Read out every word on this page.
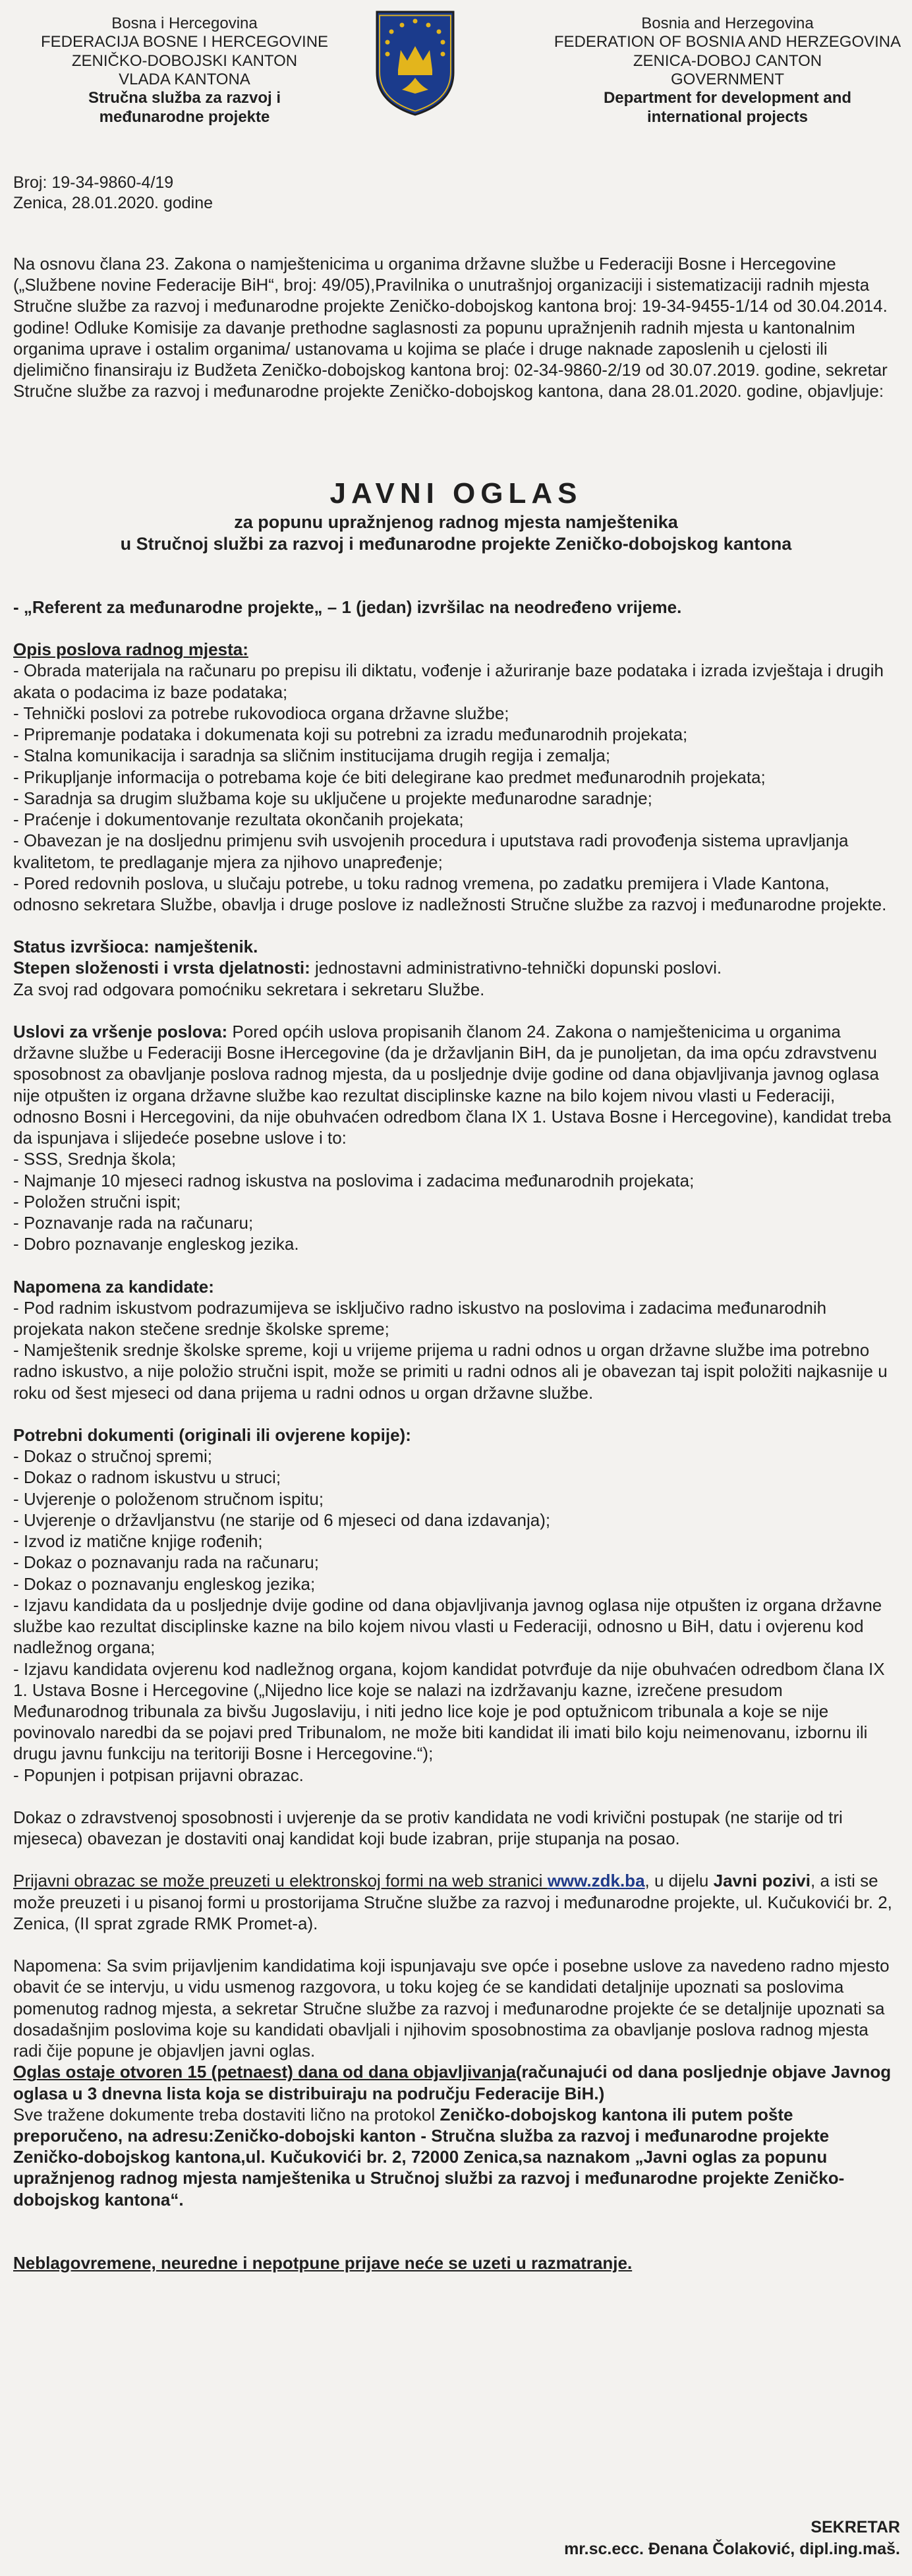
Bosna i Hercegovina
FEDERACIJA BOSNE I HERCEGOVINE
ZENIČKO-DOBOJSKI KANTON
VLADA KANTONA
Stručna služba za razvoj i
međunarodne projekte
Bosnia and Herzegovina
FEDERATION OF BOSNIA AND HERZEGOVINA
ZENICA-DOBOJ CANTON
GOVERNMENT
Department for development and
international projects
Broj: 19-34-9860-4/19
Zenica, 28.01.2020. godine

Na osnovu člana 23. Zakona o namještenicima u organima državne službe u Federaciji Bosne i Hercegovine („Službene novine Federacije BiH“, broj: 49/05),Pravilnika o unutrašnjoj organizaciji i sistematizaciji radnih mjesta Stručne službe za razvoj i međunarodne projekte Zeničko-dobojskog kantona broj: 19-34-9455-1/14 od 30.04.2014. godine! Odluke Komisije za davanje prethodne saglasnosti za popunu upražnjenih radnih mjesta u kantonalnim organima uprave i ostalim organima/ ustanovama u kojima se plaće i druge naknade zaposlenih u cjelosti ili djelimično finansiraju iz Budžeta Zeničko-dobojskog kantona broj: 02-34-9860-2/19 od 30.07.2019. godine, sekretar Stručne službe za razvoj i međunarodne projekte Zeničko-dobojskog kantona, dana 28.01.2020. godine, objavljuje:

JAVNI OGLAS
za popunu upražnjenog radnog mjesta namještenika
u Stručnoj službi za razvoj i međunarodne projekte Zeničko-dobojskog kantona

- „Referent za međunarodne projekte„ – 1 (jedan) izvršilac na neodređeno vrijeme.

Opis poslova radnog mjesta:
- Obrada materijala na računaru po prepisu ili diktatu, vođenje i ažuriranje baze podataka i izrada izvještaja i drugih akata o podacima iz baze podataka;
- Tehnički poslovi za potrebe rukovodioca organa državne službe;
- Pripremanje podataka i dokumenata koji su potrebni za izradu međunarodnih projekata;
- Stalna komunikacija i saradnja sa sličnim institucijama drugih regija i zemalja;
- Prikupljanje informacija o potrebama koje će biti delegirane kao predmet međunarodnih projekata;
- Saradnja sa drugim službama koje su uključene u projekte međunarodne saradnje;
- Praćenje i dokumentovanje rezultata okončanih projekata;
- Obavezan je na dosljednu primjenu svih usvojenih procedura i uputstava radi provođenja sistema upravljanja kvalitetom, te predlaganje mjera za njihovo unapređenje;
- Pored redovnih poslova, u slučaju potrebe, u toku radnog vremena, po zadatku premijera i Vlade Kantona, odnosno sekretara Službe, obavlja i druge poslove iz nadležnosti Stručne službe za razvoj i međunarodne projekte.
Status izvršioca: namještenik.
Stepen složenosti i vrsta djelatnosti: jednostavni administrativno-tehnički dopunski poslovi.
Za svoj rad odgovara pomoćniku sekretara i sekretaru Službe.

Uslovi za vršenje poslova: Pored općih uslova propisanih članom 24. Zakona o namještenicima u organima državne službe u Federaciji Bosne iHercegovine (da je državljanin BiH, da je punoljetan, da ima opću zdravstvenu sposobnost za obavljanje poslova radnog mjesta, da u posljednje dvije godine od dana objavljivanja javnog oglasa nije otpušten iz organa državne službe kao rezultat disciplinske kazne na bilo kojem nivou vlasti u Federaciji, odnosno Bosni i Hercegovini, da nije obuhvaćen odredbom člana IX 1. Ustava Bosne i Hercegovine), kandidat treba da ispunjava i slijedeće posebne uslove i to:

- SSS, Srednja škola;
- Najmanje 10 mjeseci radnog iskustva na poslovima i zadacima međunarodnih projekata;
- Položen stručni ispit;
- Poznavanje rada na računaru;
- Dobro poznavanje engleskog jezika.
Napomena za kandidate:
- Pod radnim iskustvom podrazumijeva se isključivo radno iskustvo na poslovima i zadacima međunarodnih projekata nakon stečene srednje školske spreme;
- Namještenik srednje školske spreme, koji u vrijeme prijema u radni odnos u organ državne službe ima potrebno radno iskustvo, a nije položio stručni ispit, može se primiti u radni odnos ali je obavezan taj ispit položiti najkasnije u roku od šest mjeseci od dana prijema u radni odnos u organ državne službe.
Potrebni dokumenti (originali ili ovjerene kopije):
- Dokaz o stručnoj spremi;
- Dokaz o radnom iskustvu u struci;
- Uvjerenje o položenom stručnom ispitu;
- Uvjerenje o državljanstvu (ne starije od 6 mjeseci od dana izdavanja);
- Izvod iz matične knjige rođenih;
- Dokaz o poznavanju rada na računaru;
- Dokaz o poznavanju engleskog jezika;
- Izjavu kandidata da u posljednje dvije godine od dana objavljivanja javnog oglasa nije otpušten iz organa državne službe kao rezultat disciplinske kazne na bilo kojem nivou vlasti u Federaciji, odnosno u BiH, datu i ovjerenu kod nadležnog organa;
- Izjavu kandidata ovjerenu kod nadležnog organa, kojom kandidat potvrđuje da nije obuhvaćen odredbom člana IX 1. Ustava Bosne i Hercegovine („Nijedno lice koje se nalazi na izdržavanju kazne, izrečene presudom Međunarodnog tribunala za bivšu Jugoslaviju, i niti jedno lice koje je pod optužnicom tribunala a koje se nije povinovalo naredbi da se pojavi pred Tribunalom, ne može biti kandidat ili imati bilo koju neimenovanu, izbornu ili drugu javnu funkciju na teritoriji Bosne i Hercegovine.“);
- Popunjen i potpisan prijavni obrazac.

Dokaz o zdravstvenoj sposobnosti i uvjerenje da se protiv kandidata ne vodi krivični postupak (ne starije od tri mjeseca) obavezan je dostaviti onaj kandidat koji bude izabran, prije stupanja na posao.

Prijavni obrazac se može preuzeti u elektronskoj formi na web stranici www.zdk.ba, u dijelu Javni pozivi, a isti se može preuzeti i u pisanoj formi u prostorijama Stručne službe za razvoj i međunarodne projekte, ul. Kučukovići br. 2, Zenica, (II sprat zgrade RMK Promet-a).

Napomena: Sa svim prijavljenim kandidatima koji ispunjavaju sve opće i posebne uslove za navedeno radno mjesto obavit će se intervju, u vidu usmenog razgovora, u toku kojeg će se kandidati detaljnije upoznati sa poslovima pomenutog radnog mjesta, a sekretar Stručne službe za razvoj i međunarodne projekte će se detaljnije upoznati sa dosadašnjim poslovima koje su kandidati obavljali i njihovim sposobnostima za obavljanje poslova radnog mjesta radi čije popune je objavljen javni oglas.

Oglas ostaje otvoren 15 (petnaest) dana od dana objavljivanja(računajući od dana posljednje objave Javnog oglasa u 3 dnevna lista koja se distribuiraju na području Federacije BiH.)

Sve tražene dokumente treba dostaviti lično na protokol Zeničko-dobojskog kantona ili putem pošte preporučeno, na adresu:Zeničko-dobojski kanton - Stručna služba za razvoj i međunarodne projekte Zeničko-dobojskog kantona,ul. Kučukovići br. 2, 72000 Zenica,sa naznakom „Javni oglas za popunu upražnjenog radnog mjesta namještenika u Stručnoj službi za razvoj i međunarodne projekte Zeničko-dobojskog kantona“.

Neblagovremene, neuredne i nepotpune prijave neće se uzeti u razmatranje.

SEKRETAR
mr.sc.ecc. Đenana Čolaković, dipl.ing.maš.
